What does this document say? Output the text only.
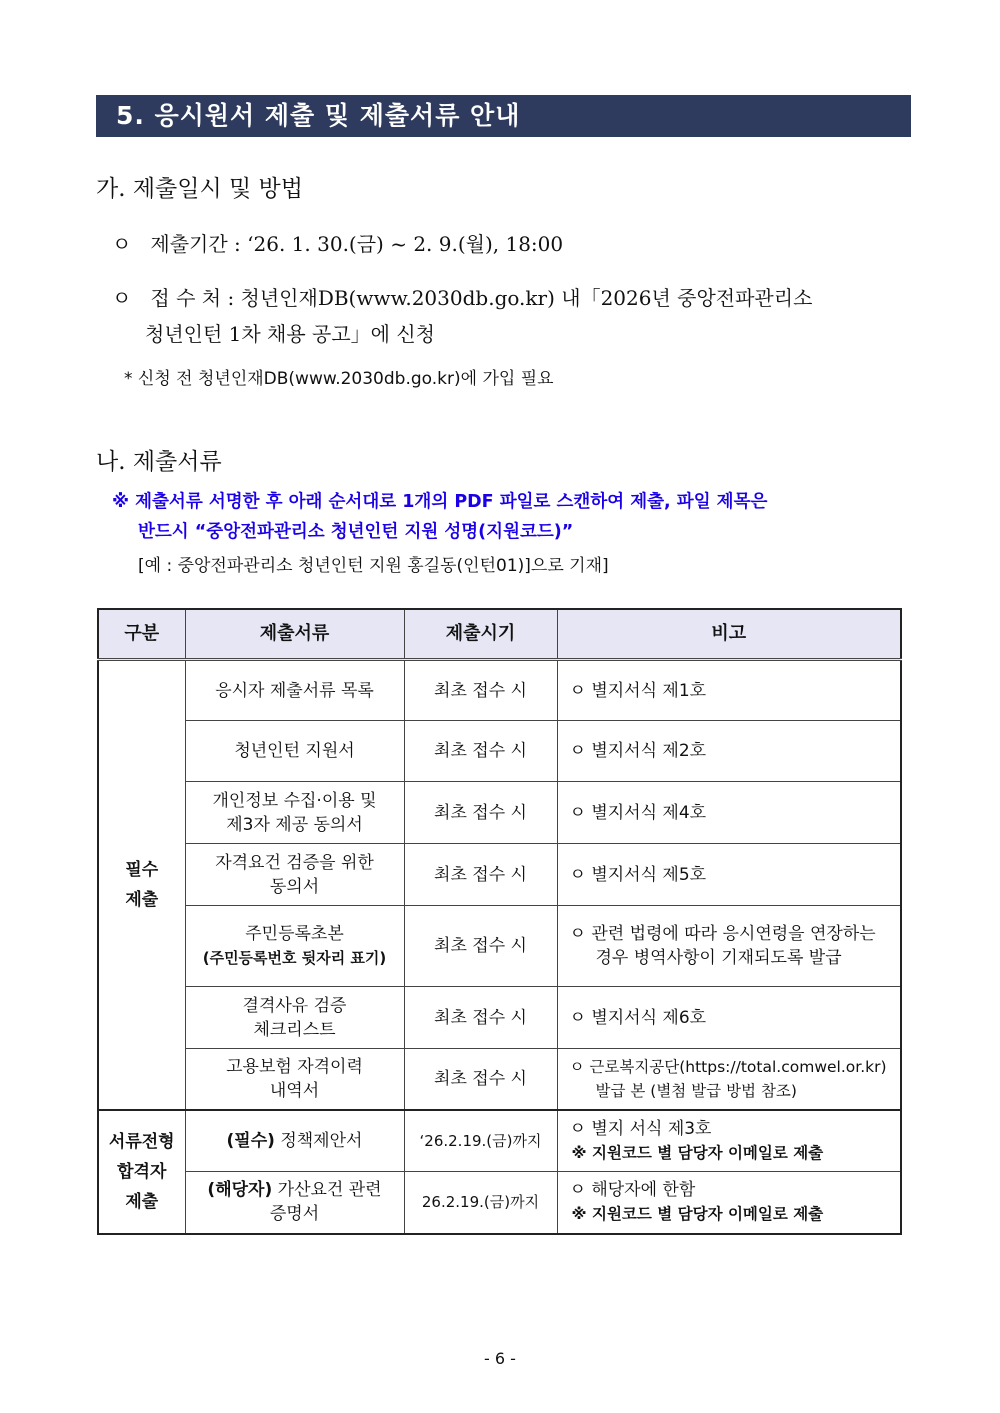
5. 응시원서 제출 및 제출서류 안내
가. 제출일시 및 방법
ㅇ 제출기간 : ‘26. 1. 30.(금) ~ 2. 9.(월), 18:00
ㅇ 접 수 처 : 청년인재DB(www.2030db.go.kr) 내「2026년 중앙전파관리소
청년인턴 1차 채용 공고」에 신청
* 신청 전 청년인재DB(www.2030db.go.kr)에 가입 필요
나. 제출서류
※ 제출서류 서명한 후 아래 순서대로 1개의 PDF 파일로 스캔하여 제출, 파일 제목은
반드시 “중앙전파관리소 청년인턴 지원 성명(지원코드)”
[예 : 중앙전파관리소 청년인턴 지원 홍길동(인턴01)]으로 기재]
구분	제출서류	제출시기	비고

필수
제출	응시자 제출서류 목록	최초 접수 시	ㅇ 별지서식 제1호
	청년인턴 지원서	최초 접수 시	ㅇ 별지서식 제2호

	개인정보 수집·이용 및
제3자 제공 동의서	최초 접수 시	ㅇ 별지서식 제4호

	자격요건 검증을 위한
동의서	최초 접수 시	ㅇ 별지서식 제5호

	주민등록초본
(주민등록번호 뒷자리 표기)	최초 접수 시	ㅇ 관련 법령에 따라 응시연령을 연장하는
경우 병역사항이 기재되도록 발급

	결격사유 검증
체크리스트	최초 접수 시	ㅇ 별지서식 제6호

	고용보험 자격이력
내역서	최초 접수 시	ㅇ 근로복지공단(https://total.comwel.or.kr)
발급 본 (별첨 발급 방법 참조)

서류전형
합격자
제출	(필수) 정책제안서	‘26.2.19.(금)까지	ㅇ 별지 서식 제3호
※ 지원코드 별 담당자 이메일로 제출

	(해당자) 가산요건 관련
증명서	26.2.19.(금)까지	ㅇ 해당자에 한함
※ 지원코드 별 담당자 이메일로 제출
- 6 -
